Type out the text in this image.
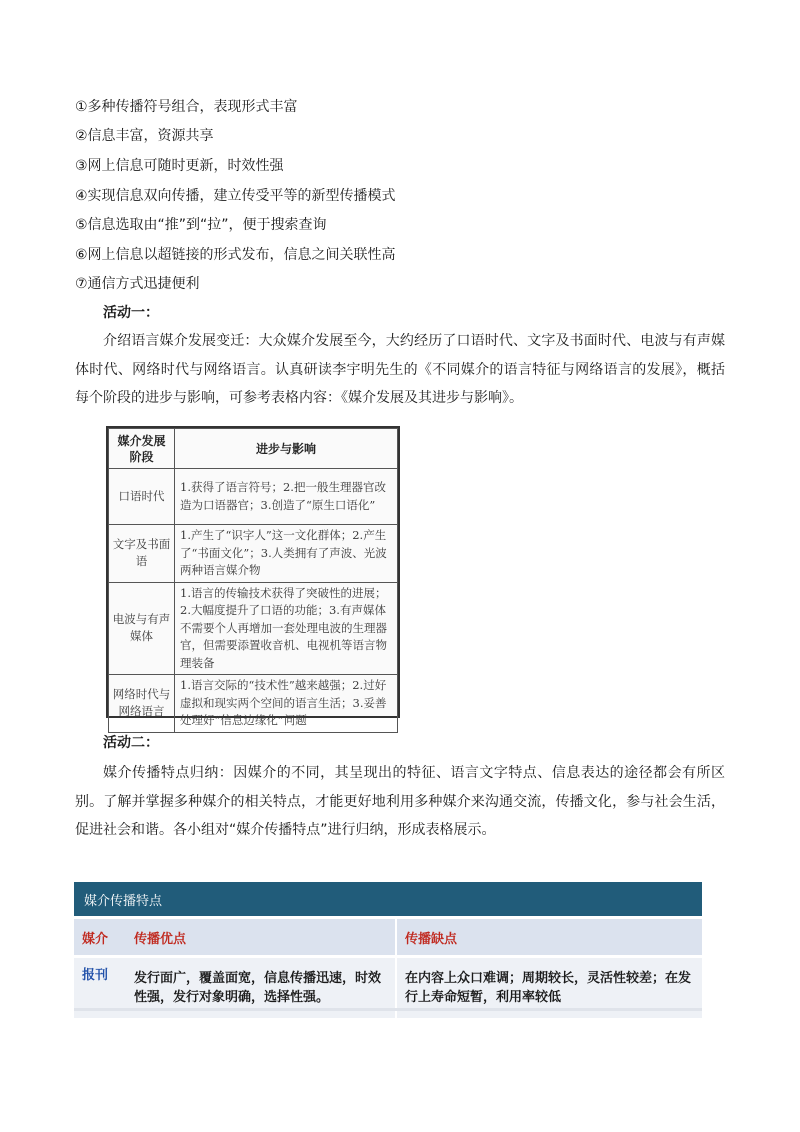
①多种传播符号组合，表现形式丰富
②信息丰富，资源共享
③网上信息可随时更新，时效性强
④实现信息双向传播，建立传受平等的新型传播模式
⑤信息选取由“推”到“拉”，便于搜索查询
⑥网上信息以超链接的形式发布，信息之间关联性高
⑦通信方式迅捷便利
活动一：
介绍语言媒介发展变迁：大众媒介发展至今，大约经历了口语时代、文字及书面时代、电波与有声媒体时代、网络时代与网络语言。认真研读李宇明先生的《不同媒介的语言特征与网络语言的发展》，概括每个阶段的进步与影响，可参考表格内容：《媒介发展及其进步与影响》。
媒介发展阶段	进步与影响
口语时代	1.获得了语言符号；2.把一般生理器官改造为口语器官；3.创造了“原生口语化”
文字及书面语	1.产生了“识字人”这一文化群体；2.产生了“书面文化”；3.人类拥有了声波、光波两种语言媒介物
电波与有声媒体	1.语言的传输技术获得了突破性的进展；2.大幅度提升了口语的功能；3.有声媒体不需要个人再增加一套处理电波的生理器官，但需要添置收音机、电视机等语言物理装备
网络时代与网络语言	1.语言交际的“技术性”越来越强；2.过好虚拟和现实两个空间的语言生活；3.妥善处理好“信息边缘化”问题
活动二：
媒介传播特点归纳：因媒介的不同，其呈现出的特征、语言文字特点、信息表达的途径都会有所区别。了解并掌握多种媒介的相关特点，才能更好地利用多种媒介来沟通交流，传播文化，参与社会生活，促进社会和谐。各小组对“媒介传播特点”进行归纳，形成表格展示。
媒介传播特点		
媒介	传播优点	传播缺点
报刊	发行面广，覆盖面宽，信息传播迅速，时效性强，发行对象明确，选择性强。	在内容上众口难调；周期较长，灵活性较差；在发行上寿命短暂，利用率较低
